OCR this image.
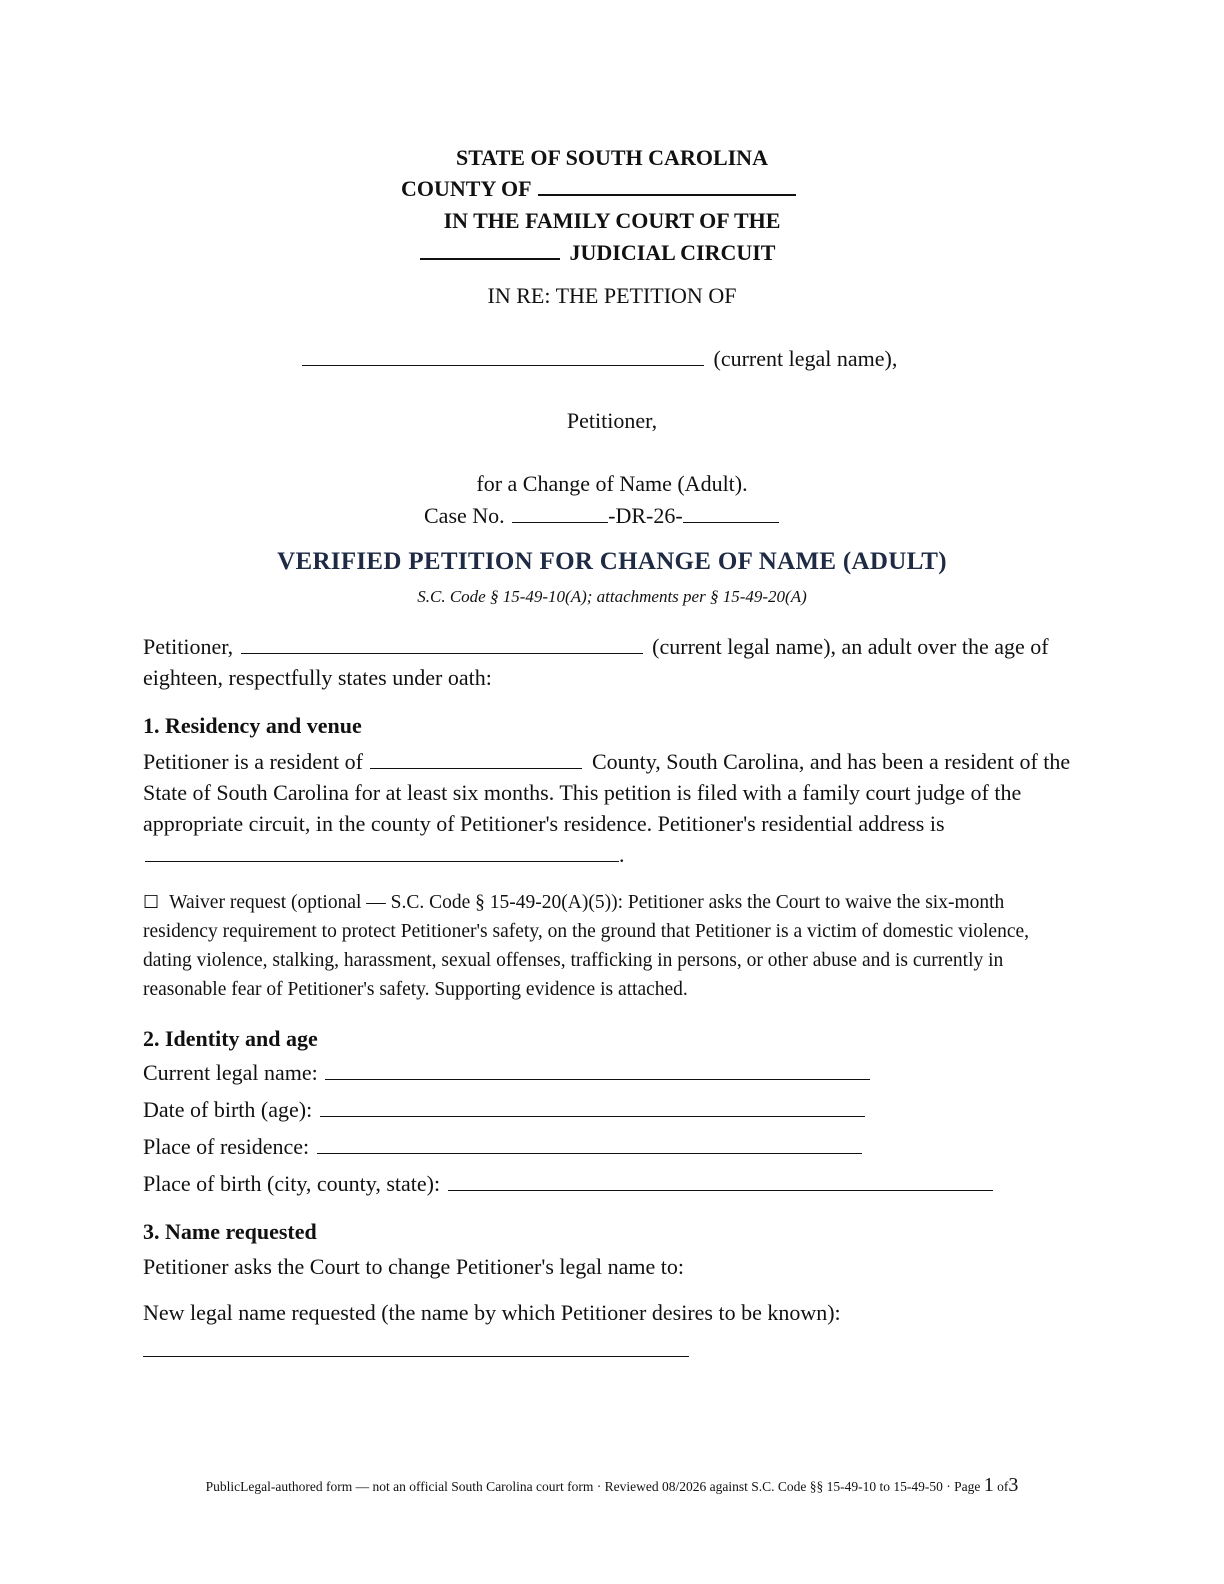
STATE OF SOUTH CAROLINA
COUNTY OF
IN THE FAMILY COURT OF THE
JUDICIAL CIRCUIT
IN RE: THE PETITION OF
(current legal name),
Petitioner,
for a Change of Name (Adult).
Case No.	-DR-26-
VERIFIED PETITION FOR CHANGE OF NAME (ADULT)
S.C. Code § 15-49-10(A); attachments per § 15-49-20(A)
Petitioner,	(current legal name), an adult over the age of eighteen, respectfully states under oath:
1. Residency and venue
Petitioner is a resident of	County, South Carolina, and has been a resident of the State of South Carolina for at least six months. This petition is filed with a family court judge of the appropriate circuit, in the county of Petitioner's residence. Petitioner's residential address is .
☐ Waiver request (optional — S.C. Code § 15-49-20(A)(5)): Petitioner asks the Court to waive the six-month residency requirement to protect Petitioner's safety, on the ground that Petitioner is a victim of domestic violence, dating violence, stalking, harassment, sexual offenses, trafficking in persons, or other abuse and is currently in reasonable fear of Petitioner's safety. Supporting evidence is attached.
2. Identity and age
Current legal name:
Date of birth (age):
Place of residence:
Place of birth (city, county, state):
3. Name requested
Petitioner asks the Court to change Petitioner's legal name to:
New legal name requested (the name by which Petitioner desires to be known):
PublicLegal-authored form — not an official South Carolina court form · Reviewed 08/2026 against S.C. Code §§ 15-49-10 to 15-49-50 · Page 1 of3
